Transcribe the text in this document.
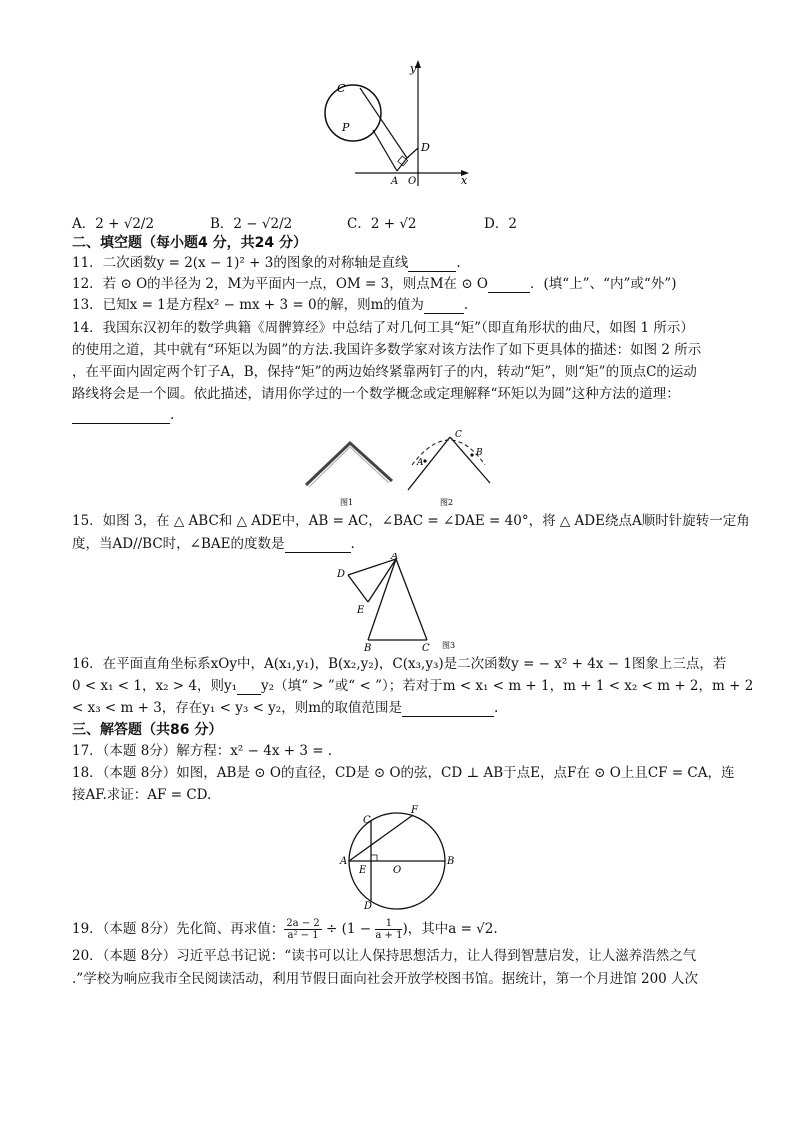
y
C
P
D
A O	x
A．2 + √2/2	B．2 − √2/2	C．2 + √2	D．2
二、填空题（每小题4 分，共24 分）
11．二次函数y = 2(x − 1)² + 3的图象的对称轴是直线	.
12．若 ⊙ O的半径为 2，M为平面内一点，OM = 3，则点M在 ⊙ O	．(填“上”、“内”或“外”)
13．已知x = 1是方程x² − mx + 3 = 0的解，则m的值为	.
14．我国东汉初年的数学典籍《周髀算经》中总结了对几何工具“矩”（即直角形状的曲尺，如图 1 所示）
的使用之道，其中就有“环矩以为圆”的方法.我国许多数学家对该方法作了如下更具体的描述：如图 2 所示
，在平面内固定两个钉子A，B，保持“矩”的两边始终紧靠两钉子的内，转动“矩”，则“矩”的顶点C的运动
路线将会是一个圆。依此描述，请用你学过的一个数学概念或定理解释“环矩以为圆”这种方法的道理：
.
图1
C
A
B
图2
15．如图 3，在 △ ABC和 △ ADE中，AB = AC，∠BAC = ∠DAE = 40°，将 △ ADE绕点A顺时针旋转一定角
度，当AD//BC时，∠BAE的度数是	.
A
D
E
B	C 图3
16．在平面直角坐标系xOy中，A(x₁,y₁)，B(x₂,y₂)，C(x₃,y₃)是二次函数y = − x² + 4x − 1图象上三点，若
0 < x₁ < 1，x₂ > 4，则y₁ y₂（填“ > ”或“ < ”）；若对于m < x₁ < m + 1，m + 1 < x₂ < m + 2，m + 2
< x₃ < m + 3，存在y₁ < y₃ < y₂，则m的取值范围是	.
三、解答题（共86 分）
17．（本题 8分）解方程：x² − 4x + 3 = .
18．（本题 8分）如图，AB是 ⊙ O的直径，CD是 ⊙ O的弦，CD ⊥ AB于点E，点F在 ⊙ O上且CF = CA，连
接AF.求证：AF = CD.
F
C
A
E	O
B
D
19．（本题 8分）先化简、再求值： $\frac{2a - 2}{\text{a² − 1}} \div (1 - \frac{1}{a + 1}$ )，其中a = √2.
20．（本题 8分）习近平总书记说：“读书可以让人保持思想活力，让人得到智慧启发，让人滋养浩然之气
.”学校为响应我市全民阅读活动，利用节假日面向社会开放学校图书馆。据统计，第一个月进馆 200 人次
